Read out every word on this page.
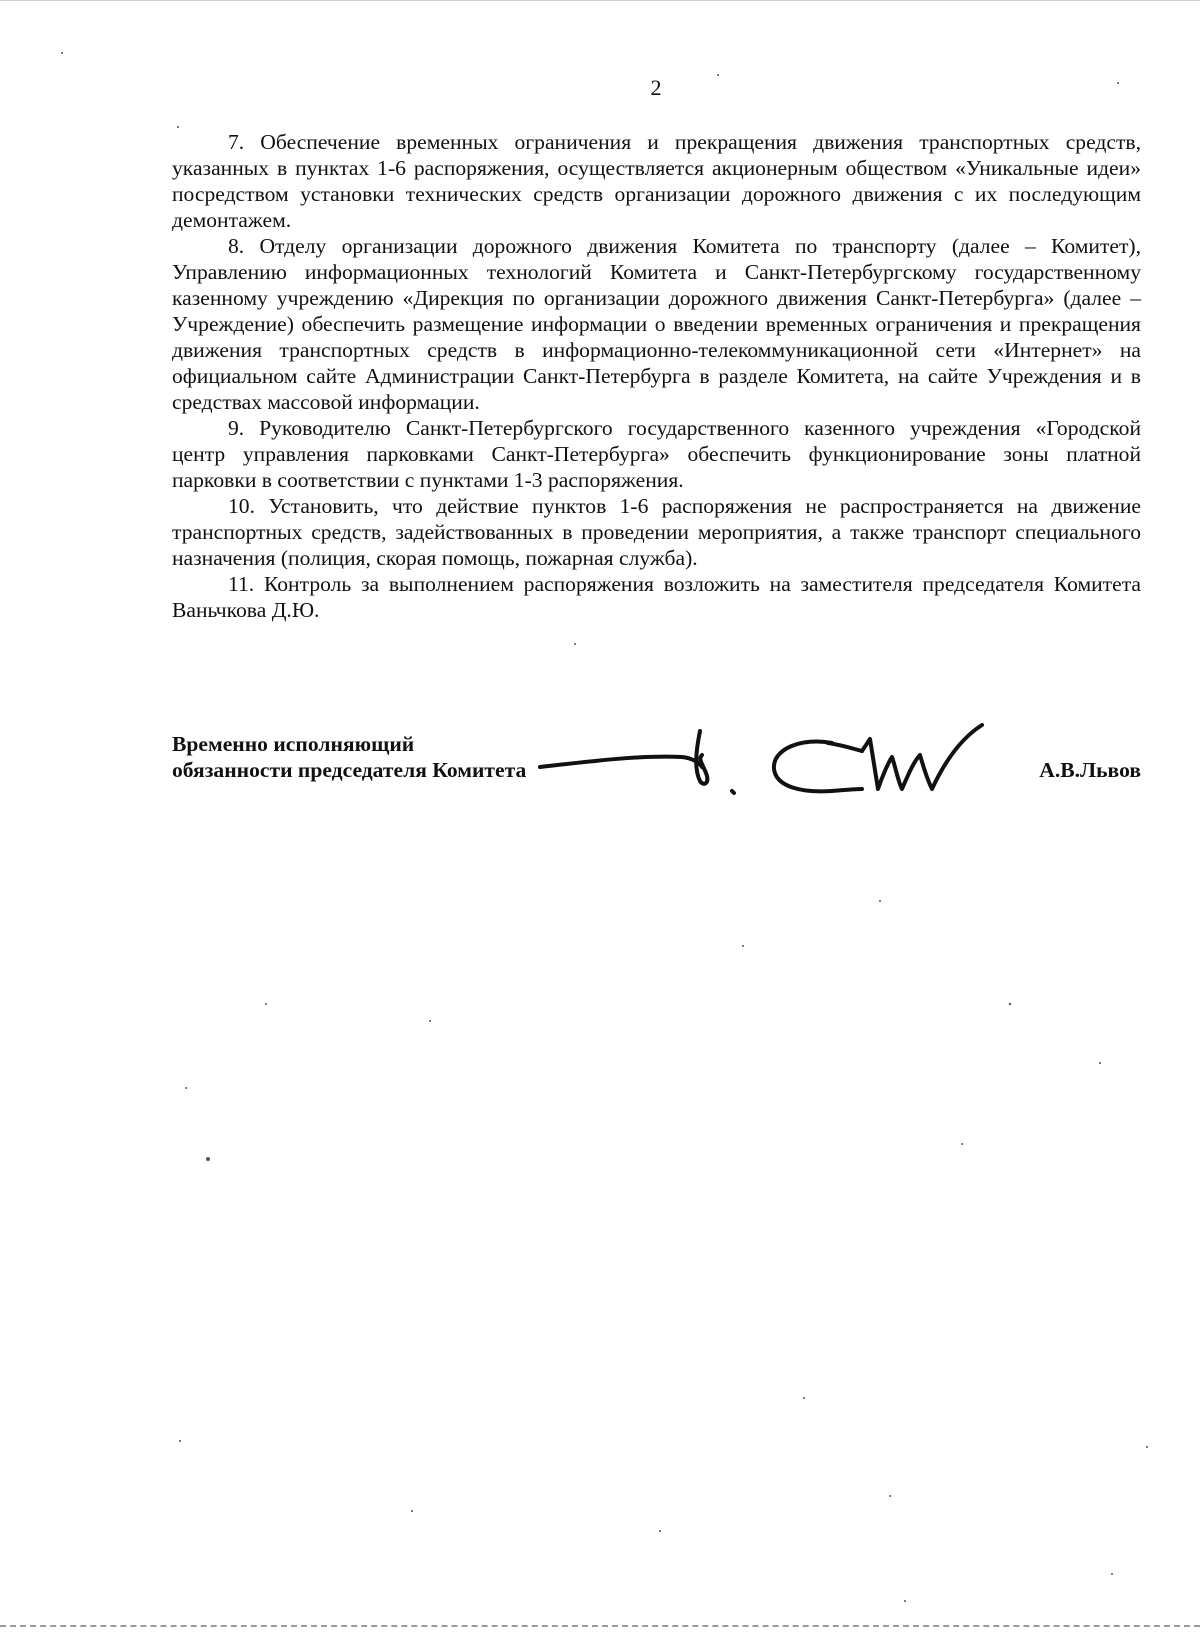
2

7. Обеспечение временных ограничения и прекращения движения транспортных средств, указанных в пунктах 1-6 распоряжения, осуществляется акционерным обществом «Уникальные идеи» посредством установки технических средств организации дорожного движения с их последующим демонтажем.

8. Отделу организации дорожного движения Комитета по транспорту (далее – Комитет), Управлению информационных технологий Комитета и Санкт-Петербургскому государственному казенному учреждению «Дирекция по организации дорожного движения Санкт-Петербурга» (далее – Учреждение) обеспечить размещение информации о введении временных ограничения и прекращения движения транспортных средств в информационно-телекоммуникационной сети «Интернет» на официальном сайте Администрации Санкт-Петербурга в разделе Комитета, на сайте Учреждения и в средствах массовой информации.

9. Руководителю Санкт-Петербургского государственного казенного учреждения «Городской центр управления парковками Санкт-Петербурга» обеспечить функционирование зоны платной парковки в соответствии с пунктами 1-3 распоряжения.

10. Установить, что действие пунктов 1-6 распоряжения не распространяется на движение транспортных средств, задействованных в проведении мероприятия, а также транспорт специального назначения (полиция, скорая помощь, пожарная служба).

11. Контроль за выполнением распоряжения возложить на заместителя председателя Комитета Ваньчкова Д.Ю.

Временно исполняющий
обязанности председателя Комитета	А.В.Львов
